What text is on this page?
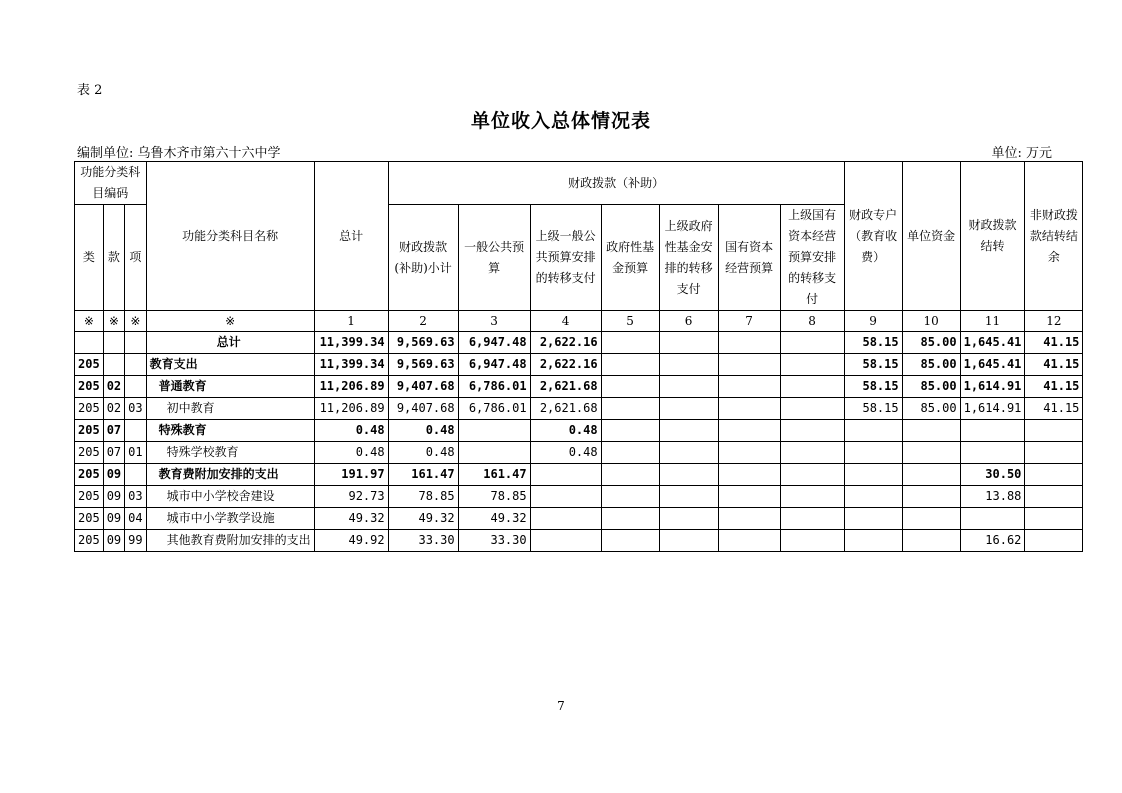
表 2
单位收入总体情况表
编制单位: 乌鲁木齐市第六十六中学	单位: 万元
功能分类科目编码			功能分类科目名称	总计	财政拨款（补助）							财政专户（教育收费）	单位资金	财政拨款结转	非财政拨款结转结余
类	款	项			财政拨款(补助)小计	一般公共预算	上级一般公共预算安排的转移支付	政府性基金预算	上级政府性基金安排的转移支付	国有资本经营预算	上级国有资本经营预算安排的转移支付				
※	※	※	※	1	2	3	4	5	6	7	8	9	10	11	12
			总计	11,399.34	9,569.63	6,947.48	2,622.16					58.15	85.00	1,645.41	41.15
205			教育支出	11,399.34	9,569.63	6,947.48	2,622.16					58.15	85.00	1,645.41	41.15
205	02		普通教育	11,206.89	9,407.68	6,786.01	2,621.68					58.15	85.00	1,614.91	41.15
205	02	03	初中教育	11,206.89	9,407.68	6,786.01	2,621.68					58.15	85.00	1,614.91	41.15
205	07		特殊教育	0.48	0.48		0.48								
205	07	01	特殊学校教育	0.48	0.48		0.48								
205	09		教育费附加安排的支出	191.97	161.47	161.47								30.50	
205	09	03	城市中小学校舍建设	92.73	78.85	78.85								13.88	
205	09	04	城市中小学教学设施	49.32	49.32	49.32									
205	09	99	其他教育费附加安排的支出	49.92	33.30	33.30								16.62	
7
